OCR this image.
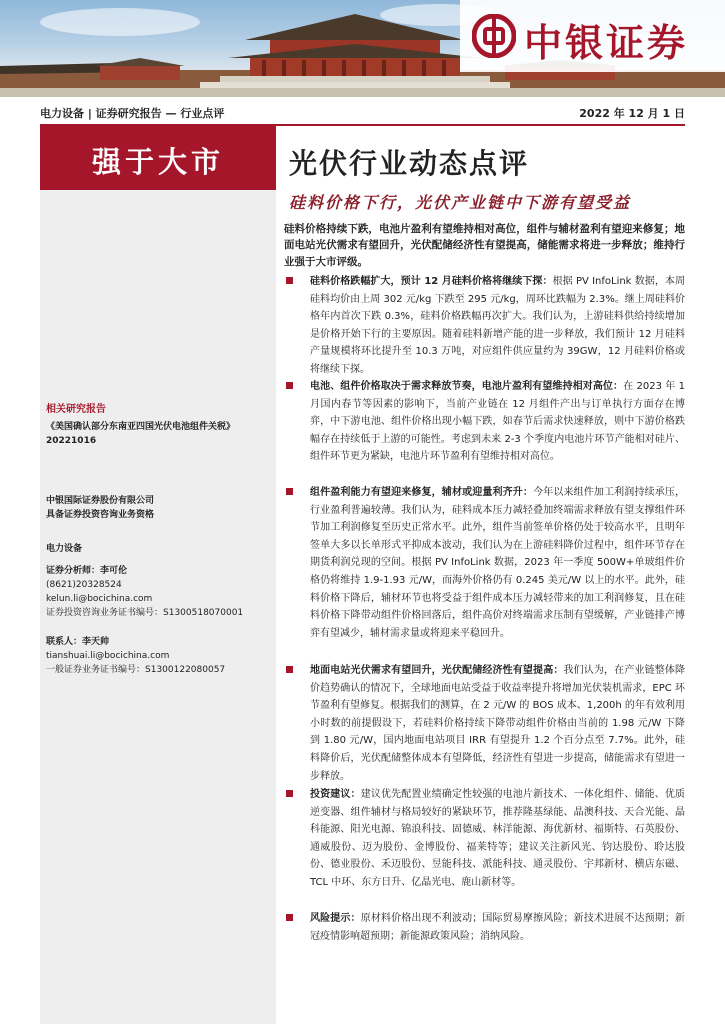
中银证券
电力设备 | 证券研究报告 — 行业点评	2022 年 12 月 1 日
强于大市
相关研究报告
《美国确认部分东南亚四国光伏电池组件关税》20221016
中银国际证券股份有限公司
具备证券投资咨询业务资格
电力设备
证券分析师：李可伦
(8621)20328524
kelun.li@bocichina.com
证券投资咨询业务证书编号：S1300518070001
联系人：李天帅
tianshuai.li@bocichina.com
一般证券业务证书编号：S1300122080057
光伏行业动态点评
硅料价格下行，光伏产业链中下游有望受益
硅料价格持续下跌，电池片盈利有望维持相对高位，组件与辅材盈利有望迎来修复；地面电站光伏需求有望回升，光伏配储经济性有望提高，储能需求将进一步释放；维持行业强于大市评级。
硅料价格跌幅扩大，预计 12 月硅料价格将继续下探：根据 PV InfoLink 数据，本周硅料均价由上周 302 元/kg 下跌至 295 元/kg，周环比跌幅为 2.3%。继上周硅料价格年内首次下跌 0.3%，硅料价格跌幅再次扩大。我们认为，上游硅料供给持续增加是价格开始下行的主要原因。随着硅料新增产能的进一步释放，我们预计 12 月硅料产量规模将环比提升至 10.3 万吨，对应组件供应量约为 39GW，12 月硅料价格或将继续下探。
电池、组件价格取决于需求释放节奏，电池片盈利有望维持相对高位：在 2023 年 1 月国内春节等因素的影响下，当前产业链在 12 月组件产出与订单执行方面存在博弈，中下游电池、组件价格出现小幅下跌，如春节后需求快速释放，则中下游价格跌幅存在持续低于上游的可能性。考虑到未来 2-3 个季度内电池片环节产能相对硅片、组件环节更为紧缺，电池片环节盈利有望维持相对高位。
组件盈利能力有望迎来修复，辅材或迎量利齐升：今年以来组件加工利润持续承压，行业盈利普遍较薄。我们认为，硅料成本压力减轻叠加终端需求释放有望支撑组件环节加工利润修复至历史正常水平。此外，组件当前签单价格仍处于较高水平，且明年签单大多以长单形式平抑成本波动，我们认为在上游硅料降价过程中，组件环节存在期货利润兑现的空间。根据 PV InfoLink 数据，2023 年一季度 500W+单玻组件价格仍将维持 1.9-1.93 元/W，而海外价格仍有 0.245 美元/W 以上的水平。此外，硅料价格下降后，辅材环节也将受益于组件成本压力减轻带来的加工利润修复，且在硅料价格下降带动组件价格回落后，组件高价对终端需求压制有望缓解，产业链排产博弈有望减少，辅材需求量或将迎来平稳回升。
地面电站光伏需求有望回升，光伏配储经济性有望提高：我们认为，在产业链整体降价趋势确认的情况下，全球地面电站受益于收益率提升将增加光伏装机需求，EPC 环节盈利有望修复。根据我们的测算，在 2 元/W 的 BOS 成本、1,200h 的年有效利用小时数的前提假设下，若硅料价格持续下降带动组件价格由当前的 1.98 元/W 下降到 1.80 元/W，国内地面电站项目 IRR 有望提升 1.2 个百分点至 7.7%。此外，硅料降价后，光伏配储整体成本有望降低，经济性有望进一步提高，储能需求有望进一步释放。
投资建议：建议优先配置业绩确定性较强的电池片新技术、一体化组件、储能、优质逆变器、组件辅材与格局较好的紧缺环节，推荐隆基绿能、晶澳科技、天合光能、晶科能源、阳光电源、锦浪科技、固德威、林洋能源、海优新材、福斯特、石英股份、通威股份、迈为股份、金博股份、福莱特等；建议关注新风光、钧达股份、聆达股份、德业股份、禾迈股份、昱能科技、派能科技、通灵股份、宇邦新材、横店东磁、TCL 中环、东方日升、亿晶光电、鹿山新材等。
风险提示：原材料价格出现不利波动；国际贸易摩擦风险；新技术进展不达预期；新冠疫情影响超预期；新能源政策风险；消纳风险。
